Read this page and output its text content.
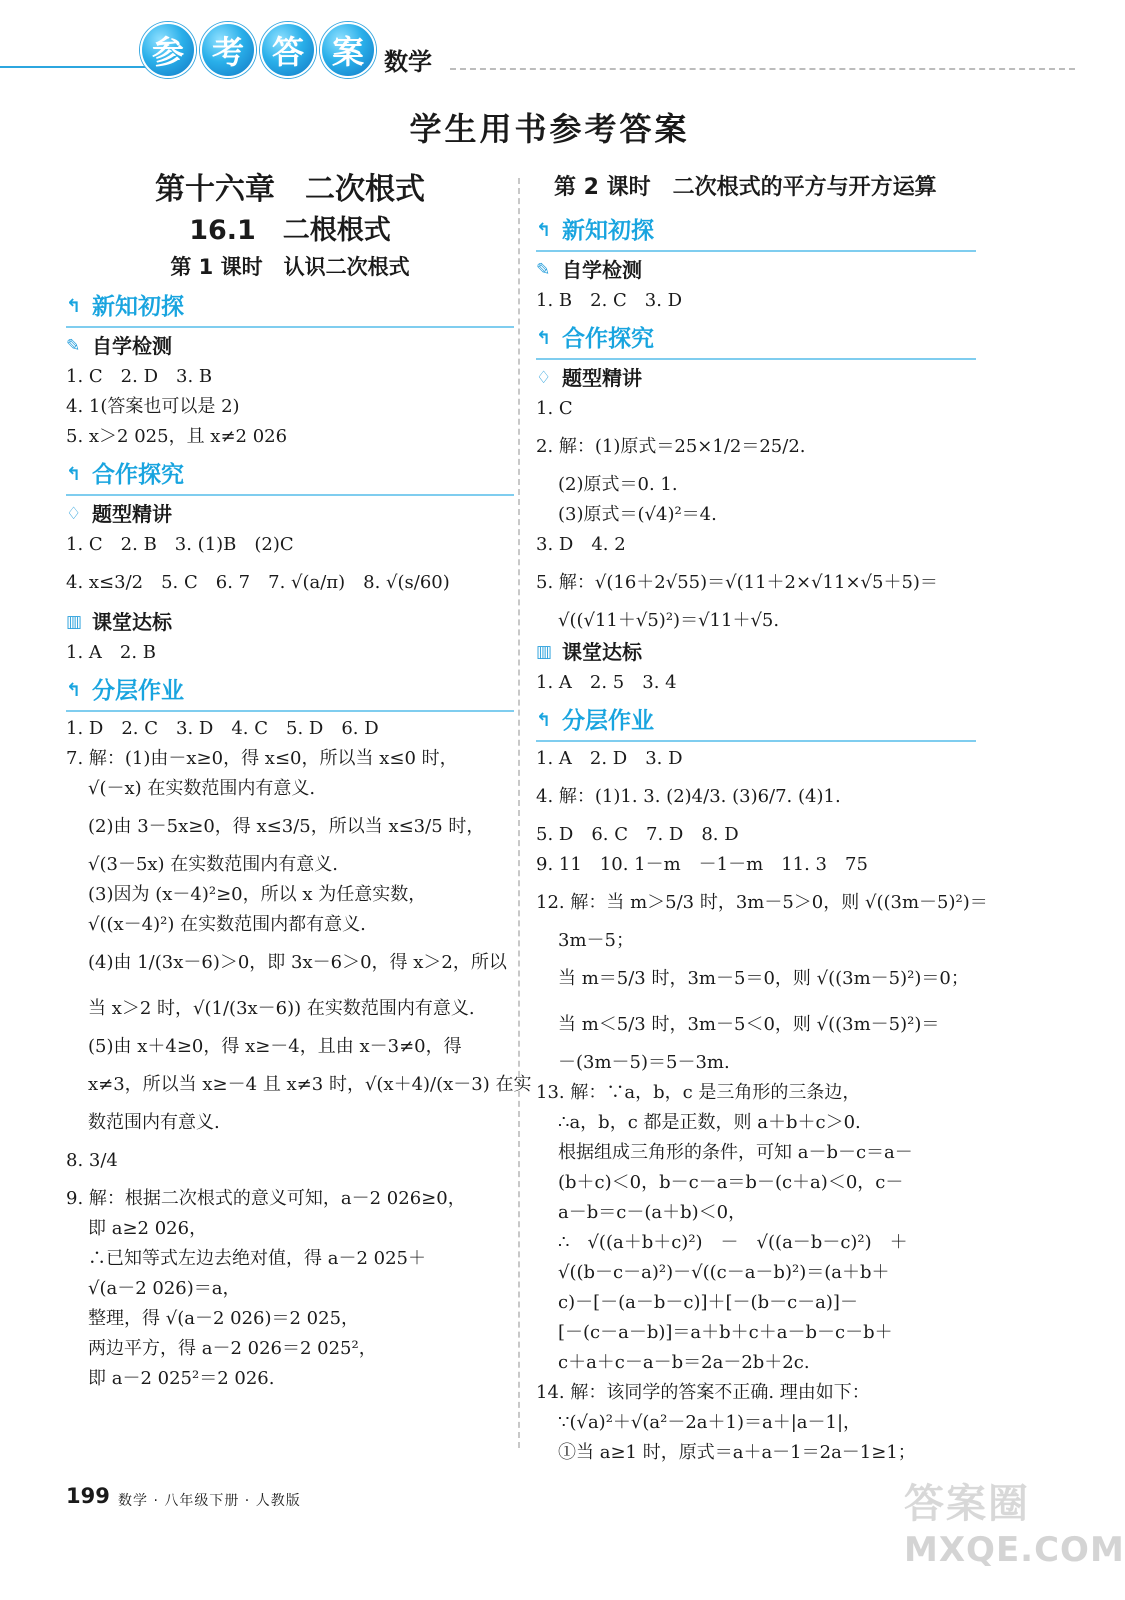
参 考 答 案 数学
学生用书参考答案
第十六章　二次根式
16.1　二根根式
第 1 课时　认识二次根式
↰ 新知初探
✎ 自学检测
1. C　2. D　3. B
4. 1(答案也可以是 2)
5. x＞2 025，且 x≠2 026
↰ 合作探究
♢ 题型精讲
1. C　2. B　3. (1)B　(2)C
4. x≤3/2　5. C　6. 7　7. √(a/π)　8. √(s/60)
▥ 课堂达标
1. A　2. B
↰ 分层作业
1. D　2. C　3. D　4. C　5. D　6. D
7. 解：(1)由－x≥0，得 x≤0，所以当 x≤0 时，
√(－x) 在实数范围内有意义.
(2)由 3－5x≥0，得 x≤3/5，所以当 x≤3/5 时，
√(3－5x) 在实数范围内有意义.
(3)因为 (x－4)²≥0，所以 x 为任意实数，
√((x－4)²) 在实数范围内都有意义.
(4)由 1/(3x－6)＞0，即 3x－6＞0，得 x＞2，所以
当 x＞2 时，√(1/(3x－6)) 在实数范围内有意义.
(5)由 x＋4≥0，得 x≥－4，且由 x－3≠0，得
x≠3，所以当 x≥－4 且 x≠3 时，√(x＋4)/(x－3) 在实
数范围内有意义.
8. 3/4
9. 解：根据二次根式的意义可知，a－2 026≥0，
即 a≥2 026，
∴已知等式左边去绝对值，得 a－2 025＋
√(a－2 026)＝a，
整理，得 √(a－2 026)＝2 025，
两边平方，得 a－2 026＝2 025²，
即 a－2 025²＝2 026.
第 2 课时　二次根式的平方与开方运算
↰ 新知初探
✎ 自学检测
1. B　2. C　3. D
↰ 合作探究
♢ 题型精讲
1. C
2. 解：(1)原式＝25×1/2＝25/2.
(2)原式＝0. 1.
(3)原式＝(√4)²＝4.
3. D　4. 2
5. 解：√(16＋2√55)＝√(11＋2×√11×√5＋5)＝
√((√11＋√5)²)＝√11＋√5.
▥ 课堂达标
1. A　2. 5　3. 4
↰ 分层作业
1. A　2. D　3. D
4. 解：(1)1. 3. (2)4/3. (3)6/7. (4)1.
5. D　6. C　7. D　8. D
9. 11　10. 1－m　－1－m　11. 3　75
12. 解：当 m＞5/3 时，3m－5＞0，则 √((3m－5)²)＝
3m－5；
当 m＝5/3 时，3m－5＝0，则 √((3m－5)²)＝0；
当 m＜5/3 时，3m－5＜0，则 √((3m－5)²)＝
－(3m－5)＝5－3m.
13. 解：∵a，b，c 是三角形的三条边，
∴a，b，c 都是正数，则 a＋b＋c＞0.
根据组成三角形的条件，可知 a－b－c＝a－
(b＋c)＜0，b－c－a＝b－(c＋a)＜0，c－
a－b＝c－(a＋b)＜0，
∴　√((a＋b＋c)²)　－　√((a－b－c)²)　＋
√((b－c－a)²)－√((c－a－b)²)＝(a＋b＋
c)－[－(a－b－c)]＋[－(b－c－a)]－
[－(c－a－b)]＝a＋b＋c＋a－b－c－b＋
c＋a＋c－a－b＝2a－2b＋2c.
14. 解：该同学的答案不正确. 理由如下：
∵(√a)²＋√(a²－2a＋1)＝a＋|a－1|，
①当 a≥1 时，原式＝a＋a－1＝2a－1≥1；
199 数学 · 八年级下册 · 人教版	答案圈
MXQE.COM
